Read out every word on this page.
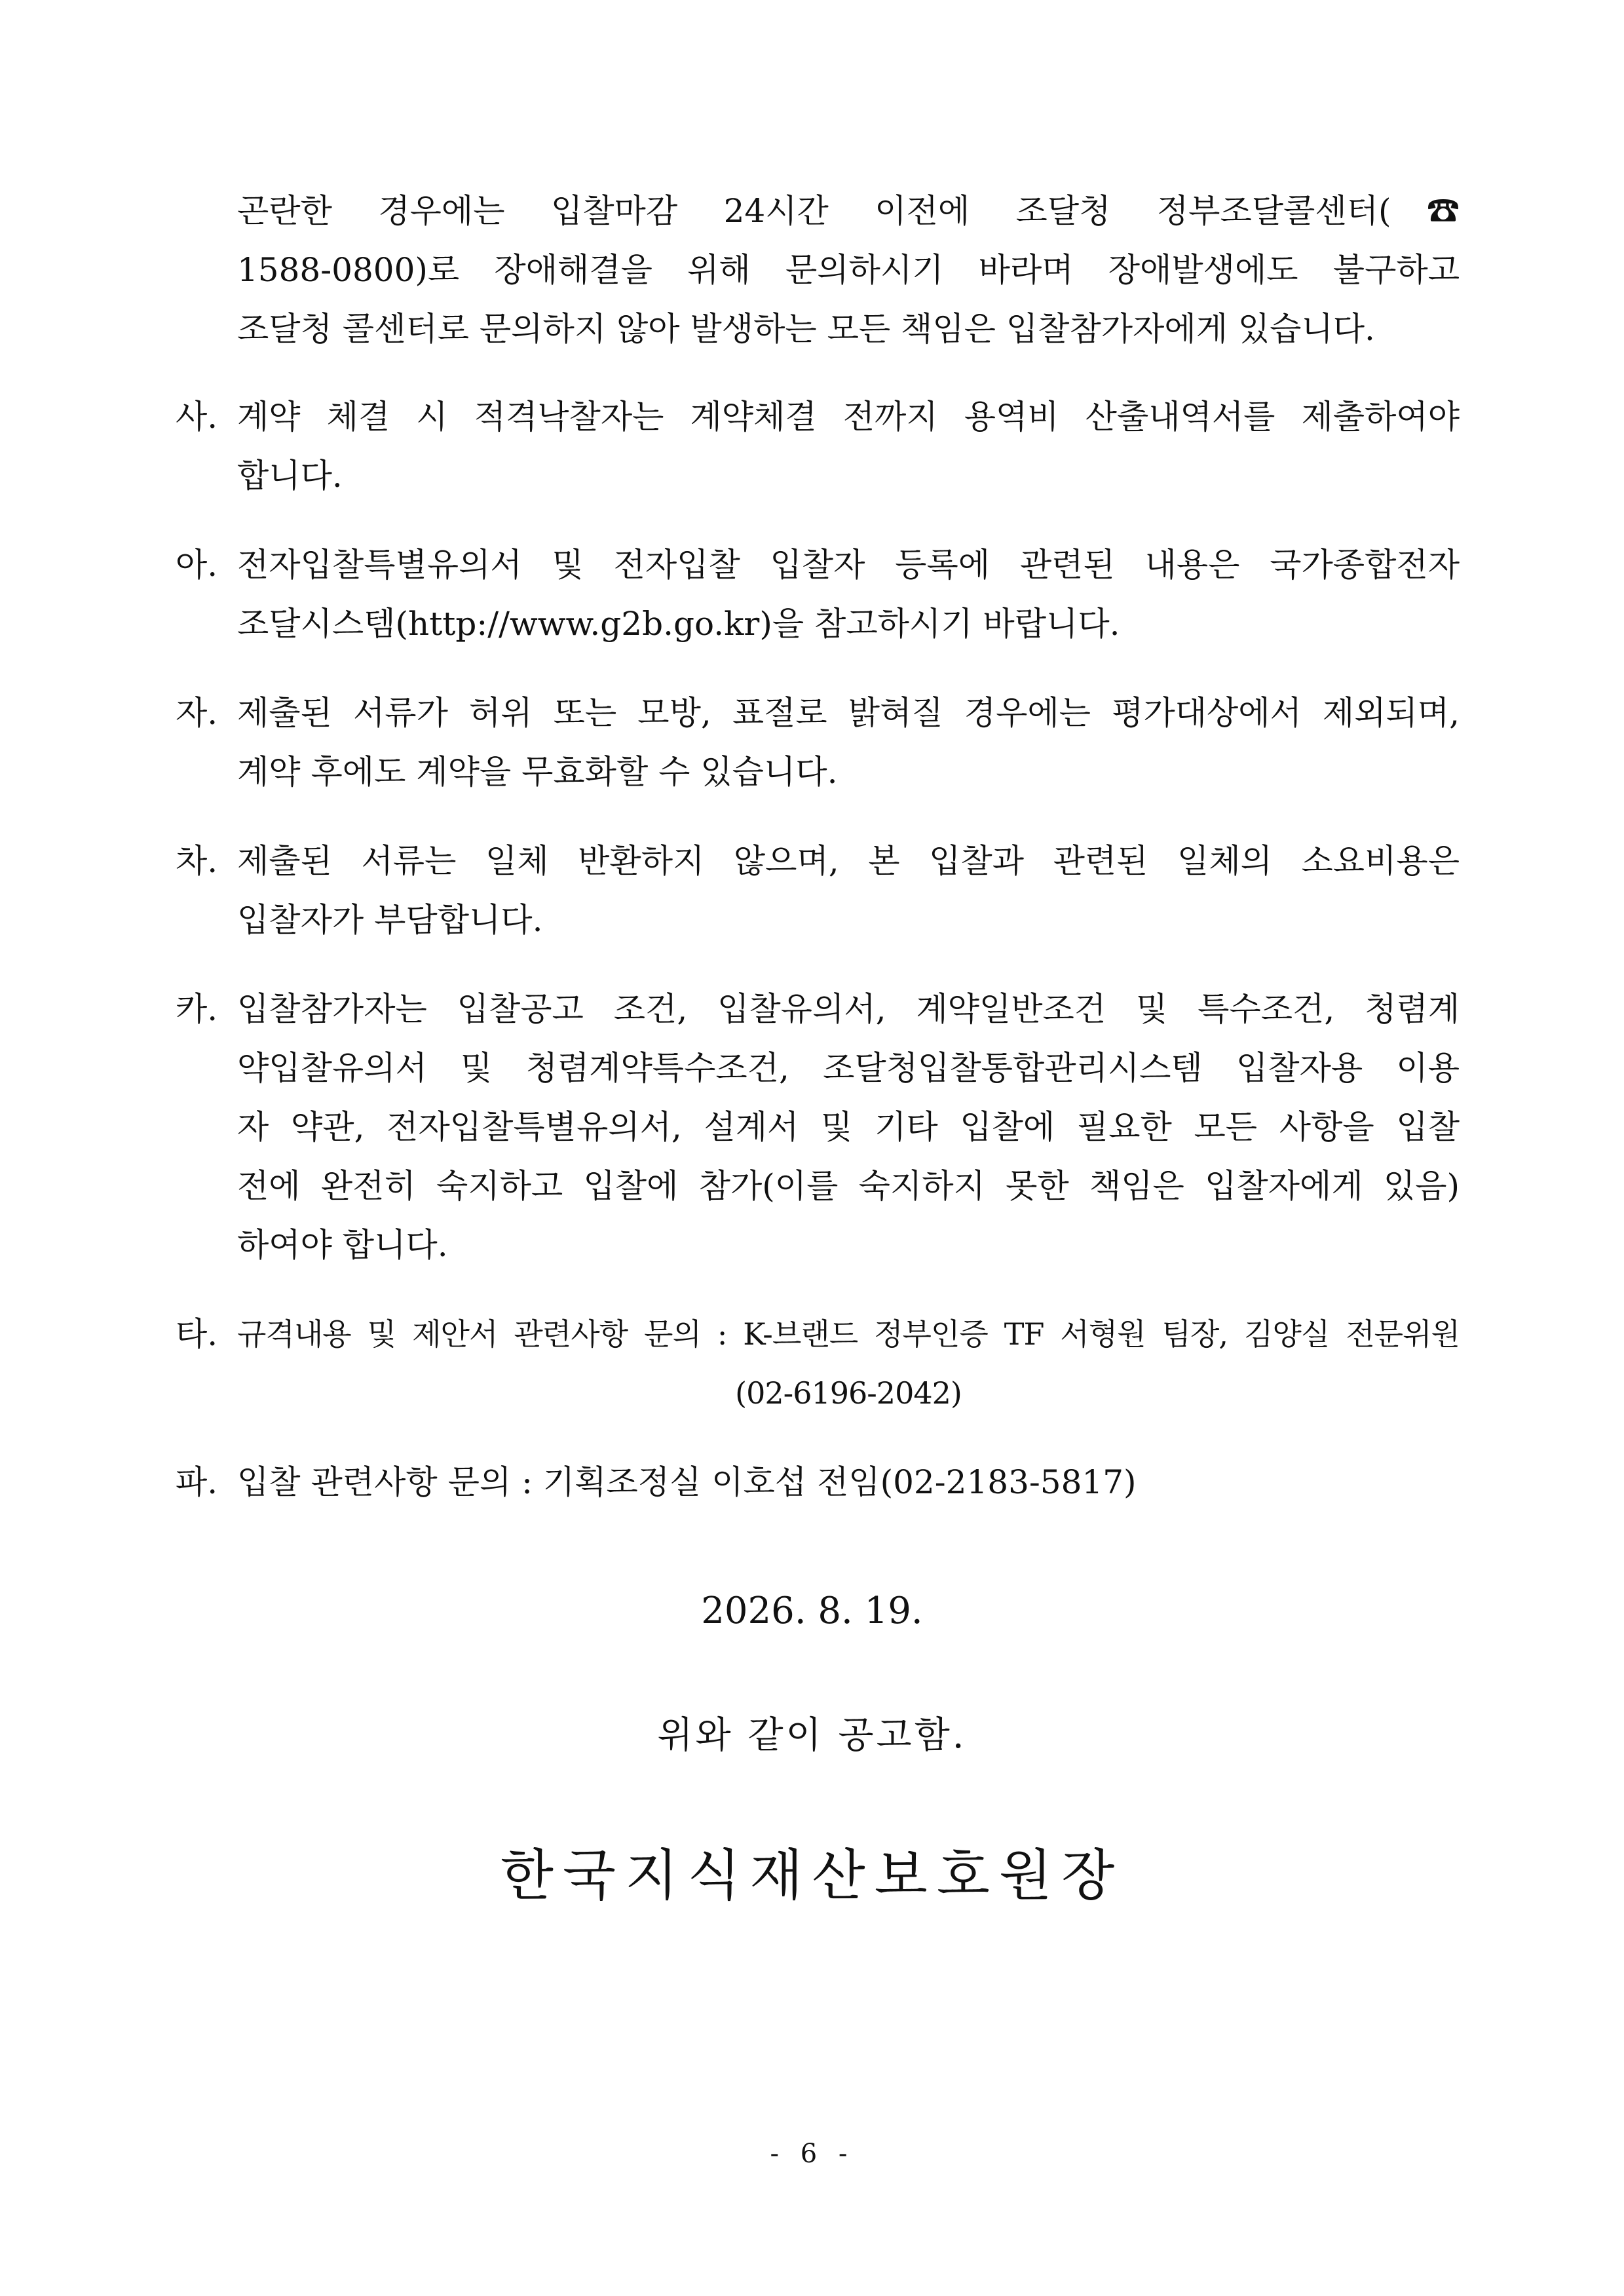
곤란한 경우에는 입찰마감 24시간 이전에 조달청 정부조달콜센터(☎
1588-0800)로 장애해결을 위해 문의하시기 바라며 장애발생에도 불구하고
조달청 콜센터로 문의하지 않아 발생하는 모든 책임은 입찰참가자에게 있습니다.
사. 계약 체결 시 적격낙찰자는 계약체결 전까지 용역비 산출내역서를 제출하여야
합니다.
아. 전자입찰특별유의서 및 전자입찰 입찰자 등록에 관련된 내용은 국가종합전자
조달시스템(http://www.g2b.go.kr)을 참고하시기 바랍니다.
자. 제출된 서류가 허위 또는 모방, 표절로 밝혀질 경우에는 평가대상에서 제외되며,
계약 후에도 계약을 무효화할 수 있습니다.
차. 제출된 서류는 일체 반환하지 않으며, 본 입찰과 관련된 일체의 소요비용은
입찰자가 부담합니다.
카. 입찰참가자는 입찰공고 조건, 입찰유의서, 계약일반조건 및 특수조건, 청렴계
약입찰유의서 및 청렴계약특수조건, 조달청입찰통합관리시스템 입찰자용 이용
자 약관, 전자입찰특별유의서, 설계서 및 기타 입찰에 필요한 모든 사항을 입찰
전에 완전히 숙지하고 입찰에 참가(이를 숙지하지 못한 책임은 입찰자에게 있음)
하여야 합니다.
타. 규격내용 및 제안서 관련사항 문의 : K-브랜드 정부인증 TF 서형원 팀장, 김양실 전문위원
(02-6196-2042)
파. 입찰 관련사항 문의 : 기획조정실 이호섭 전임(02-2183-5817)
2026. 8. 19.
위와 같이 공고함.
한국지식재산보호원장
- 6 -
